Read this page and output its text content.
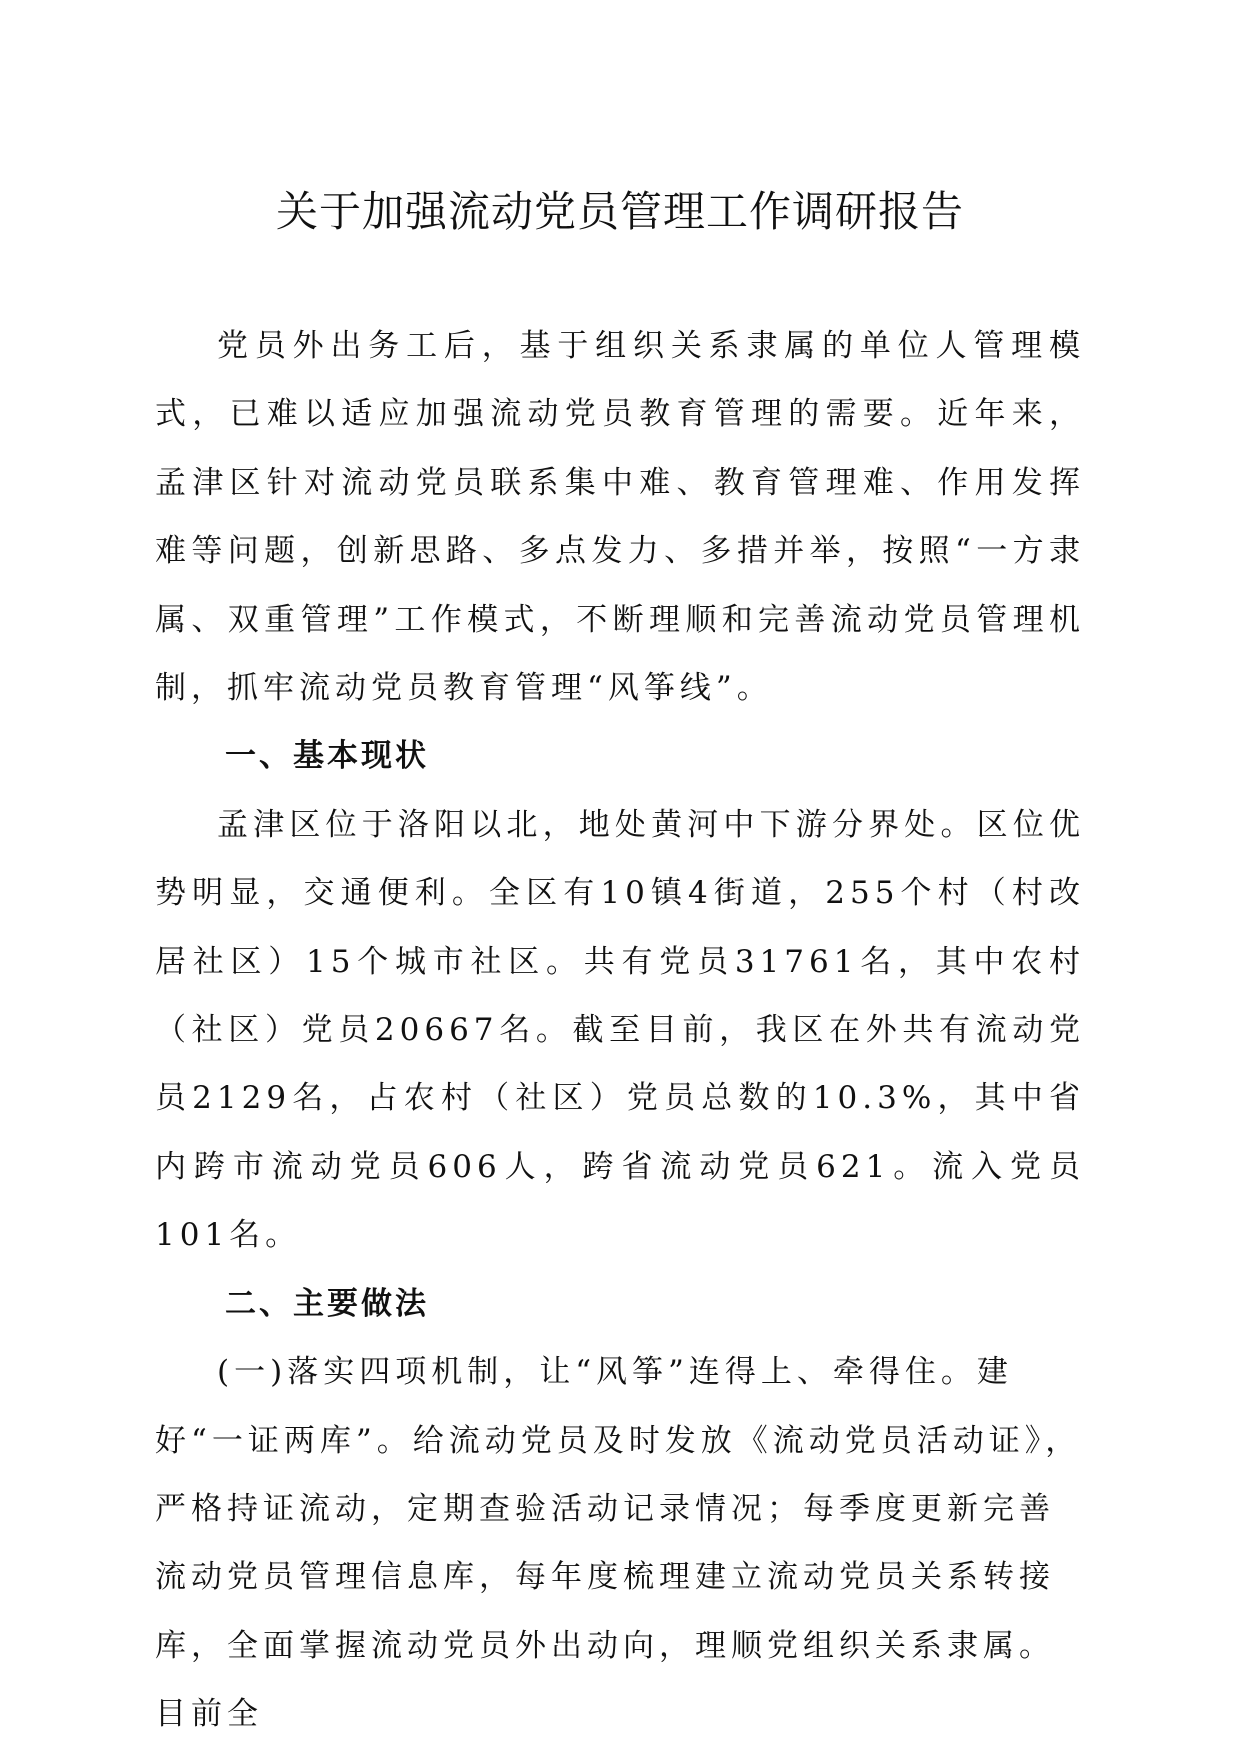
关于加强流动党员管理工作调研报告

党员外出务工后，基于组织关系隶属的单位人管理模式，已难以适应加强流动党员教育管理的需要。近年来，孟津区针对流动党员联系集中难、教育管理难、作用发挥难等问题，创新思路、多点发力、多措并举，按照“一方隶属、双重管理”工作模式，不断理顺和完善流动党员管理机制，抓牢流动党员教育管理“风筝线”。

一、基本现状

孟津区位于洛阳以北，地处黄河中下游分界处。区位优势明显，交通便利。全区有10镇4街道，255个村（村改居社区）15个城市社区。共有党员31761名，其中农村（社区）党员20667名。截至目前，我区在外共有流动党员2129名，占农村（社区）党员总数的10.3%，其中省内跨市流动党员606人，跨省流动党员621。流入党员101名。

二、主要做法

(一)落实四项机制，让“风筝”连得上、牵得住。建好“一证两库”。给流动党员及时发放《流动党员活动证》，严格持证流动，定期查验活动记录情况；每季度更新完善流动党员管理信息库，每年度梳理建立流动党员关系转接库，全面掌握流动党员外出动向，理顺党组织关系隶属。目前全
